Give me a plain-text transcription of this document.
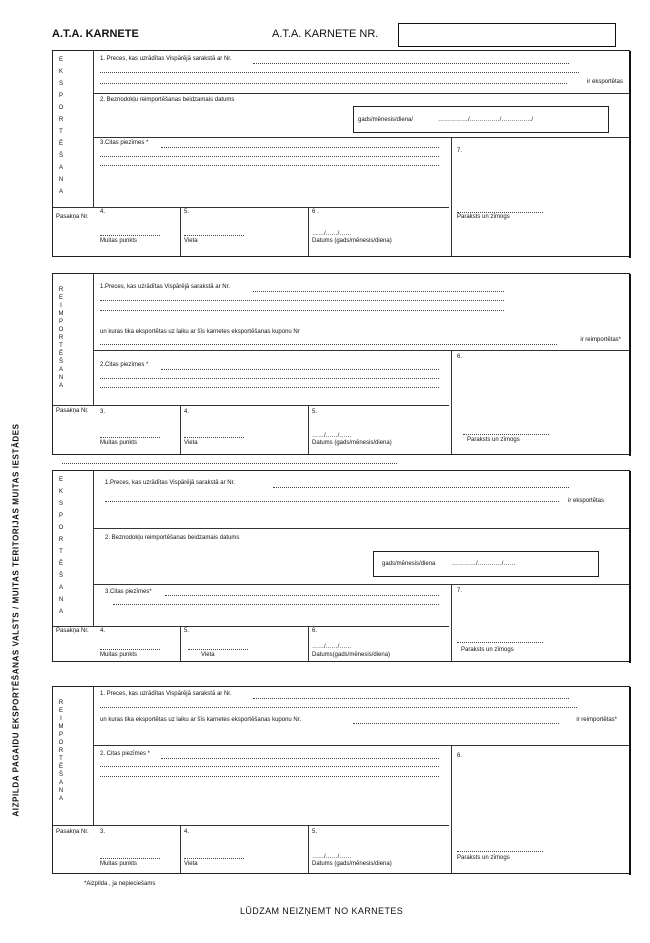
A.T.A. KARNETE	A.T.A. KARNETE NR.
AIZPILDA PAGAIDU EKSPORTĒŠANAS VALSTS / MUITAS TERITORIJAS MUITAS IESTĀDES
E
K
S
P
O
R
T
Ē
Š
A
N
A
1. Preces, kas uzrādītas Vispārējā sarakstā ar Nr.
ir eksportētas
2. Beznodokļu reimportēšanas beidzamais datums
gads/mēnesis/diena/	……………/……………/……………/
3.Citas piezīmes *
7.
Pasakņa Nr.
4.	5.	6 .
……/……/……
Muitas punkts	Vieta	Datums (gads/mēnesis/diena)
Paraksts un zīmogs
R
E
I
M
P
O
R
T
Ē
Š
A
N
A
1.Preces, kas uzrādītas Vispārējā sarakstā ar Nr.
un kuras tika eksportētas uz laiku ar šīs karnetes eksportēšanas kuponu Nr
ir reimportētas*
2.Citas piezīmes *
6.
Pasakņa Nr. 3.	4.	5.
……/……/……
Muitas punkts	Vieta	Datums (gads/mēnesis/diena)	Paraksts un zīmogs
E
K
S
P
O
R
T
Ē
Š
A
N
A
1.Preces, kas uzrādītas Vispārējā sarakstā ar Nr.
ir eksportētas
2. Beznodokļu reimportēšanas beidzamais datums
gads/mēnesis/diena	…………/…………/……
3.Citas piezīmes*	7.
Pasakņa Nr. 4.	5.	6.
……/……/……
Muitas punkts	Vieta	Datums(gads/mēnesis/diena)
Paraksts un zīmogs
R
E
I
M
P
O
R
T
Ē
Š
A
N
A
1. Preces, kas uzrādītas Vispārējā sarakstā ar Nr.
un kuras tika eksportētas uz laiku ar šīs karnetes eksportēšanas kuponu Nr.	ir reimportētas*
2. Citas piezīmes *	6.
Pasakņa Nr. 3.	4.	5.
……/……/……
Muitas punkts	Vieta	Datums (gads/mēnesis/diena)
Paraksts un zīmogs
*Aizpilda , ja nepieciešams
LŪDZAM NEIZŅEMT NO KARNETES
